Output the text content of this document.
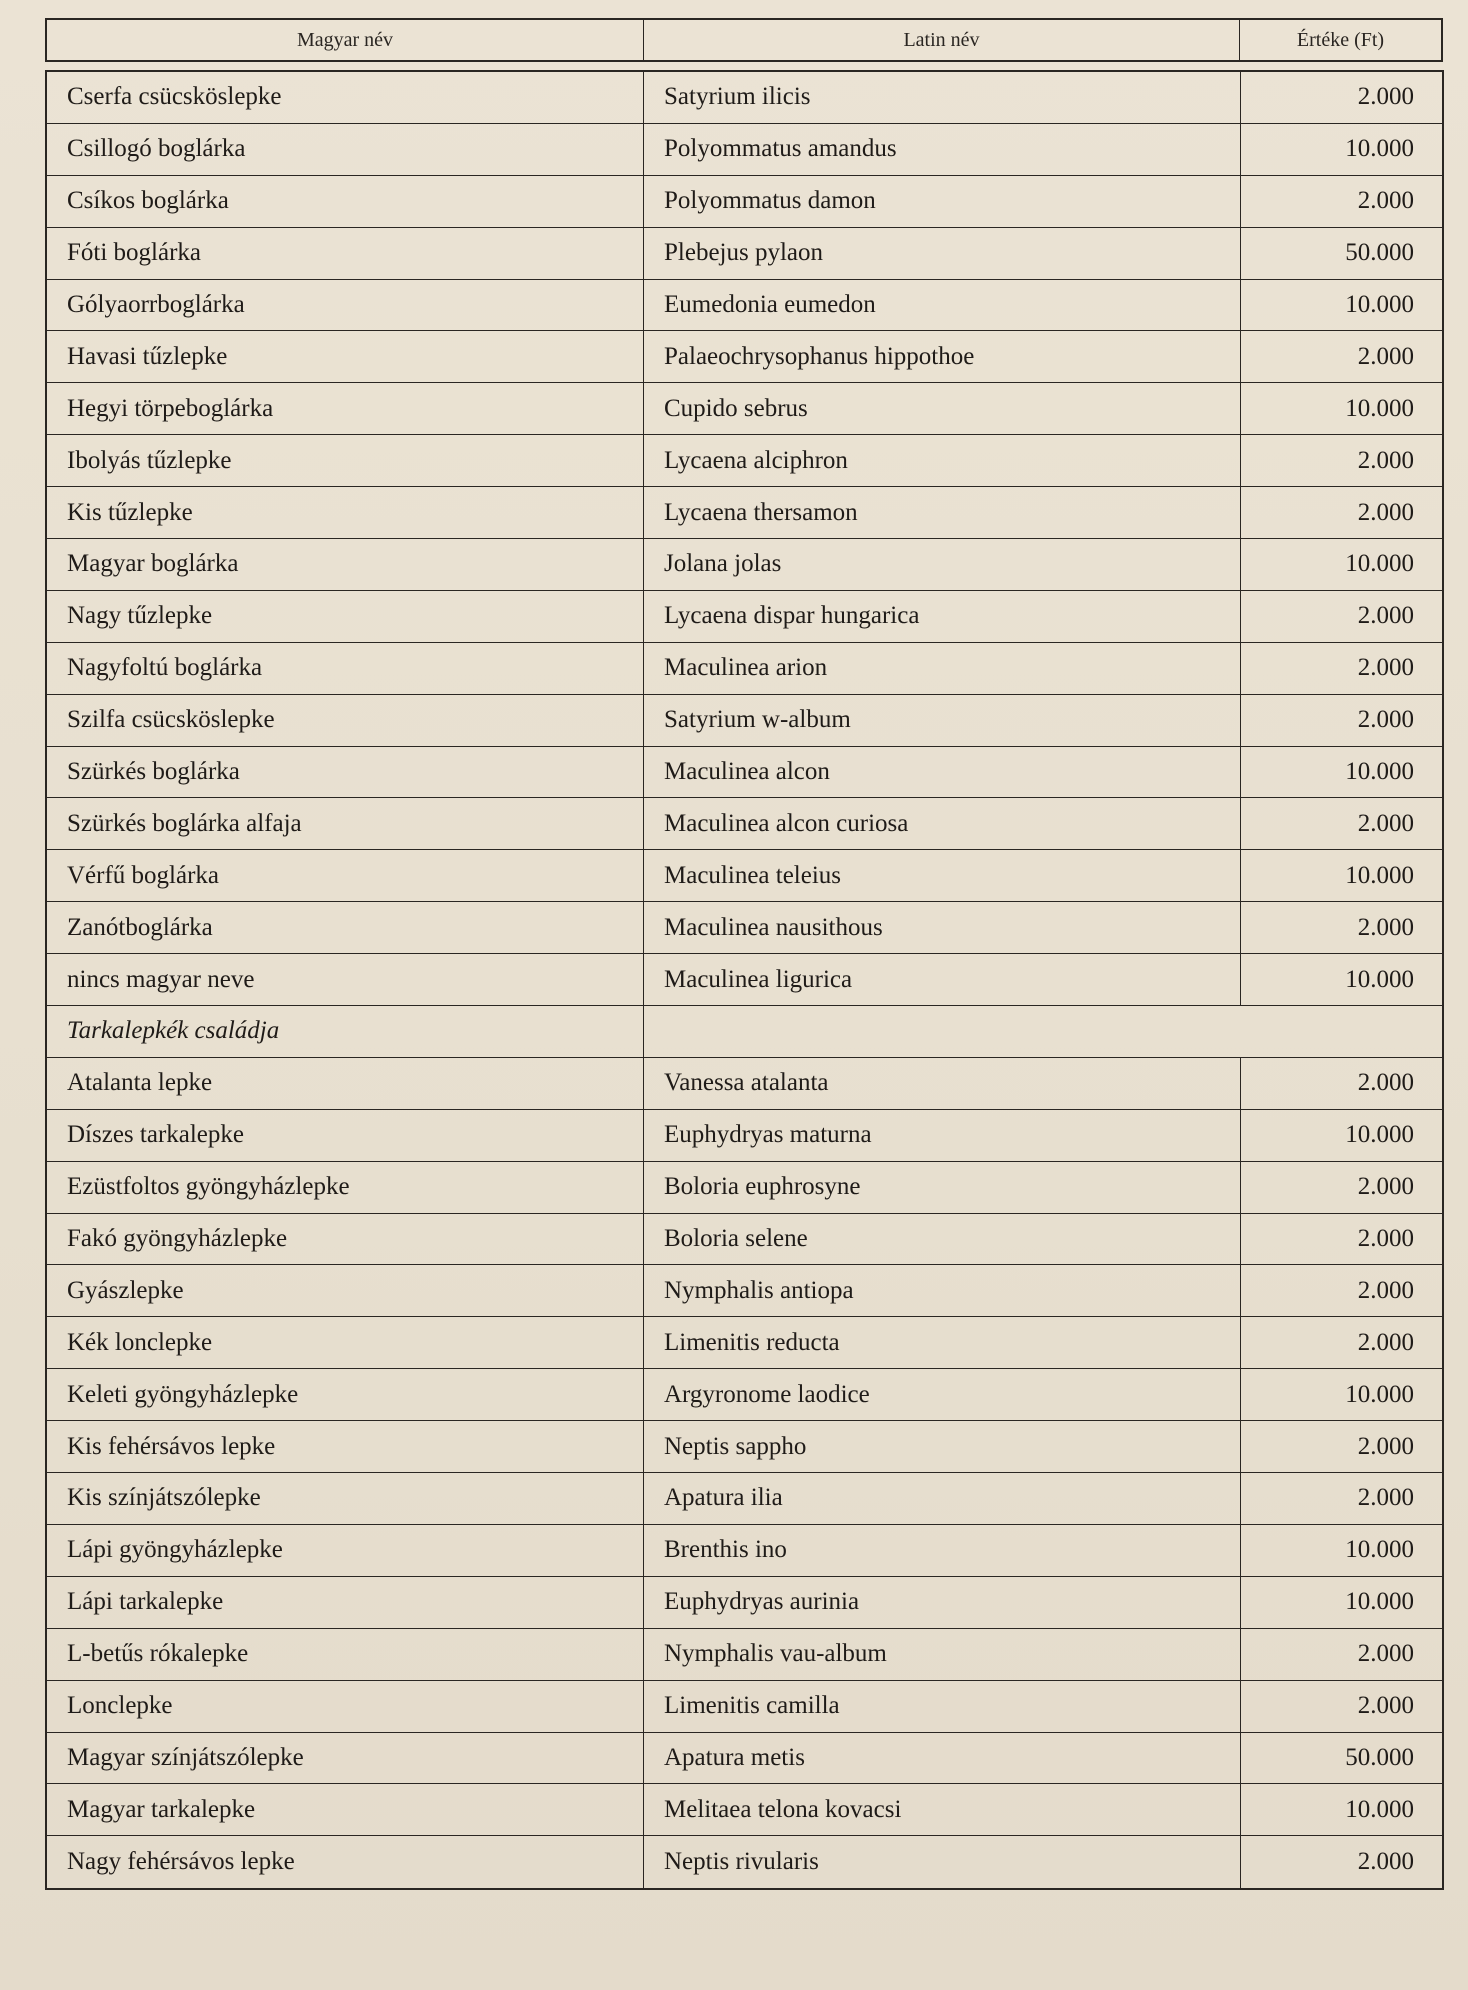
Magyar név	Latin név	Értéke (Ft)
Cserfa csücsköslepke	Satyrium ilicis	2.000
Csillogó boglárka	Polyommatus amandus	10.000
Csíkos boglárka	Polyommatus damon	2.000
Fóti boglárka	Plebejus pylaon	50.000
Gólyaorrboglárka	Eumedonia eumedon	10.000
Havasi tűzlepke	Palaeochrysophanus hippothoe	2.000
Hegyi törpeboglárka	Cupido sebrus	10.000
Ibolyás tűzlepke	Lycaena alciphron	2.000
Kis tűzlepke	Lycaena thersamon	2.000
Magyar boglárka	Jolana jolas	10.000
Nagy tűzlepke	Lycaena dispar hungarica	2.000
Nagyfoltú boglárka	Maculinea arion	2.000
Szilfa csücsköslepke	Satyrium w-album	2.000
Szürkés boglárka	Maculinea alcon	10.000
Szürkés boglárka alfaja	Maculinea alcon curiosa	2.000
Vérfű boglárka	Maculinea teleius	10.000
Zanótboglárka	Maculinea nausithous	2.000
nincs magyar neve	Maculinea ligurica	10.000
Tarkalepkék családja
Atalanta lepke	Vanessa atalanta	2.000
Díszes tarkalepke	Euphydryas maturna	10.000
Ezüstfoltos gyöngyházlepke	Boloria euphrosyne	2.000
Fakó gyöngyházlepke	Boloria selene	2.000
Gyászlepke	Nymphalis antiopa	2.000
Kék lonclepke	Limenitis reducta	2.000
Keleti gyöngyházlepke	Argyronome laodice	10.000
Kis fehérsávos lepke	Neptis sappho	2.000
Kis színjátszólepke	Apatura ilia	2.000
Lápi gyöngyházlepke	Brenthis ino	10.000
Lápi tarkalepke	Euphydryas aurinia	10.000
L-betűs rókalepke	Nymphalis vau-album	2.000
Lonclepke	Limenitis camilla	2.000
Magyar színjátszólepke	Apatura metis	50.000
Magyar tarkalepke	Melitaea telona kovacsi	10.000
Nagy fehérsávos lepke	Neptis rivularis	2.000
